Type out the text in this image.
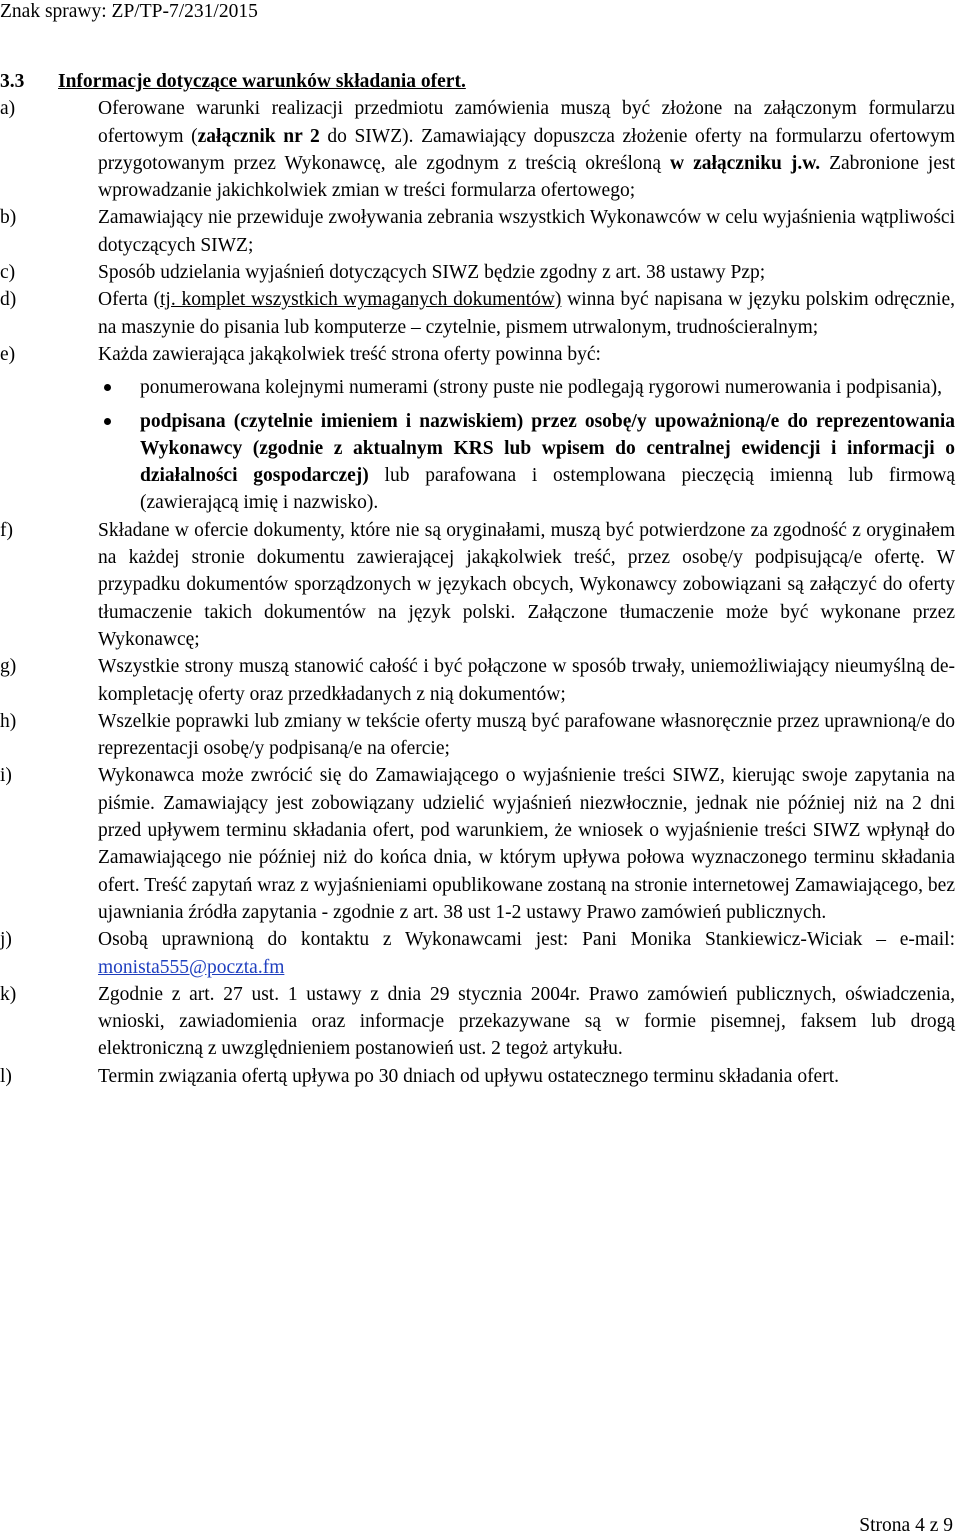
Znak sprawy: ZP/TP-7/231/2015
3.3	Informacje dotyczące warunków składania ofert.
a)	Oferowane warunki realizacji przedmiotu zamówienia muszą być złożone na załączonym formularzu ofertowym (załącznik nr 2 do SIWZ). Zamawiający dopuszcza złożenie oferty na formularzu ofertowym przygotowanym przez Wykonawcę, ale zgodnym z treścią określoną w załączniku j.w. Zabronione jest wprowadzanie jakichkolwiek zmian w treści formularza ofertowego;
b)	Zamawiający nie przewiduje zwoływania zebrania wszystkich Wykonawców w celu wyjaśnienia wątpliwości dotyczących SIWZ;
c)	Sposób udzielania wyjaśnień dotyczących SIWZ będzie zgodny z art. 38 ustawy Pzp;
d)	Oferta (tj. komplet wszystkich wymaganych dokumentów) winna być napisana w języku polskim odręcznie, na maszynie do pisania lub komputerze – czytelnie, pismem utrwalonym, trudnościeralnym;
e)	Każda zawierająca jakąkolwiek treść strona oferty powinna być:
ponumerowana kolejnymi numerami (strony puste nie podlegają rygorowi numerowania i podpisania),
podpisana (czytelnie imieniem i nazwiskiem) przez osobę/y upoważnioną/e do reprezentowania Wykonawcy (zgodnie z aktualnym KRS lub wpisem do centralnej ewidencji i informacji o działalności gospodarczej) lub parafowana i ostemplowana pieczęcią imienną lub firmową (zawierającą imię i nazwisko).
f)	Składane w ofercie dokumenty, które nie są oryginałami, muszą być potwierdzone za zgodność z oryginałem na każdej stronie dokumentu zawierającej jakąkolwiek treść, przez osobę/y podpisującą/e ofertę. W przypadku dokumentów sporządzonych w językach obcych, Wykonawcy zobowiązani są załączyć do oferty tłumaczenie takich dokumentów na język polski. Załączone tłumaczenie może być wykonane przez Wykonawcę;
g)	Wszystkie strony muszą stanowić całość i być połączone w sposób trwały, uniemożliwiający nieumyślną de-kompletację oferty oraz przedkładanych z nią dokumentów;
h)	Wszelkie poprawki lub zmiany w tekście oferty muszą być parafowane własnoręcznie przez uprawnioną/e do reprezentacji osobę/y podpisaną/e na ofercie;
i)	Wykonawca może zwrócić się do Zamawiającego o wyjaśnienie treści SIWZ, kierując swoje zapytania na piśmie. Zamawiający jest zobowiązany udzielić wyjaśnień niezwłocznie, jednak nie później niż na 2 dni przed upływem terminu składania ofert, pod warunkiem, że wniosek o wyjaśnienie treści SIWZ wpłynął do Zamawiającego nie później niż do końca dnia, w którym upływa połowa wyznaczonego terminu składania ofert. Treść zapytań wraz z wyjaśnieniami opublikowane zostaną na stronie internetowej Zamawiającego, bez ujawniania źródła zapytania - zgodnie z art. 38 ust 1-2 ustawy Prawo zamówień publicznych.
j)	Osobą uprawnioną do kontaktu z Wykonawcami jest: Pani Monika Stankiewicz-Wiciak – e-mail: monista555@poczta.fm
k)	Zgodnie z art. 27 ust. 1 ustawy z dnia 29 stycznia 2004r. Prawo zamówień publicznych, oświadczenia, wnioski, zawiadomienia oraz informacje przekazywane są w formie pisemnej, faksem lub drogą elektroniczną z uwzględnieniem postanowień ust. 2 tegoż artykułu.
l)	Termin związania ofertą upływa po 30 dniach od upływu ostatecznego terminu składania ofert.
Strona 4 z 9
